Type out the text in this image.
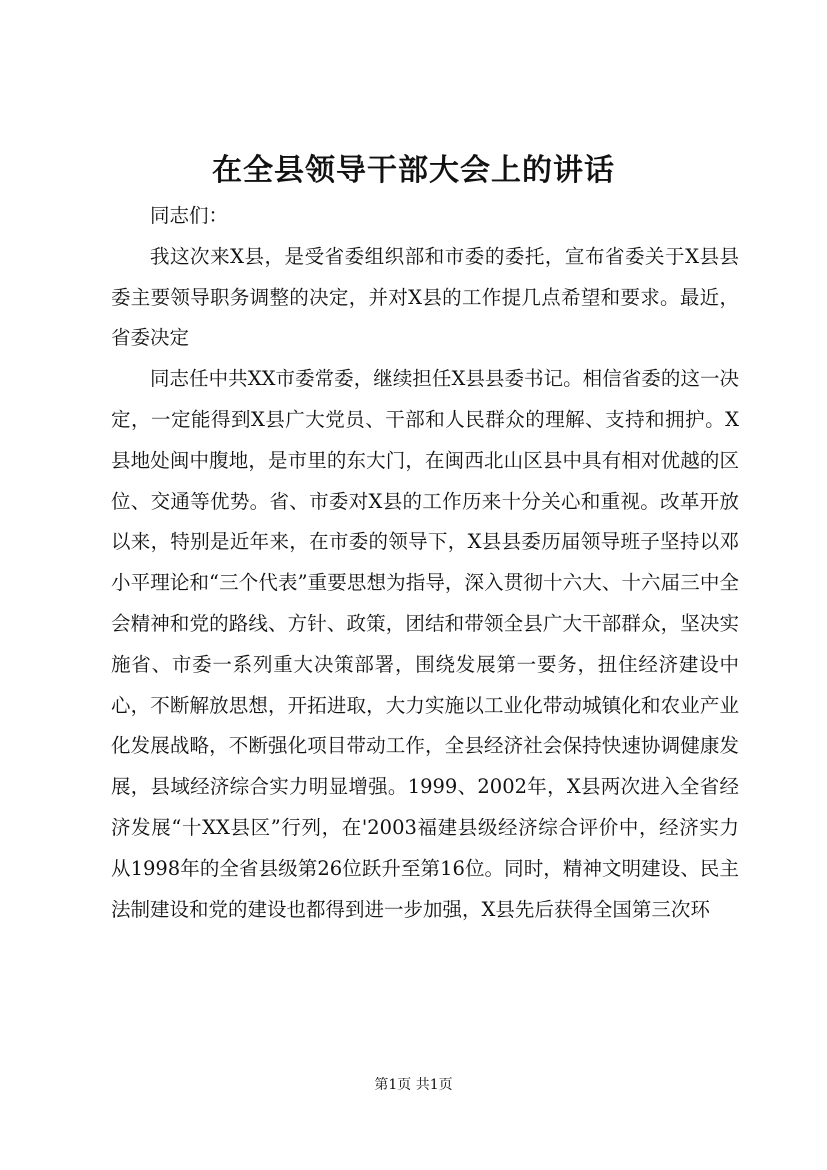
在全县领导干部大会上的讲话

同志们：

我这次来X县，是受省委组织部和市委的委托，宣布省委关于X县县委主要领导职务调整的决定，并对X县的工作提几点希望和要求。最近，省委决定

同志任中共XX市委常委，继续担任X县县委书记。相信省委的这一决定，一定能得到X县广大党员、干部和人民群众的理解、支持和拥护。X县地处闽中腹地，是市里的东大门，在闽西北山区县中具有相对优越的区位、交通等优势。省、市委对X县的工作历来十分关心和重视。改革开放以来，特别是近年来，在市委的领导下，X县县委历届领导班子坚持以邓小平理论和“三个代表”重要思想为指导，深入贯彻十六大、十六届三中全会精神和党的路线、方针、政策，团结和带领全县广大干部群众，坚决实施省、市委一系列重大决策部署，围绕发展第一要务，扭住经济建设中心，不断解放思想，开拓进取，大力实施以工业化带动城镇化和农业产业化发展战略，不断强化项目带动工作，全县经济社会保持快速协调健康发展，县域经济综合实力明显增强。1999、2002年，X县两次进入全省经济发展“十XX县区”行列，在'2003福建县级经济综合评价中，经济实力从1998年的全省县级第26位跃升至第16位。同时，精神文明建设、民主法制建设和党的建设也都得到进一步加强，X县先后获得全国第三次环

第1页 共1页
